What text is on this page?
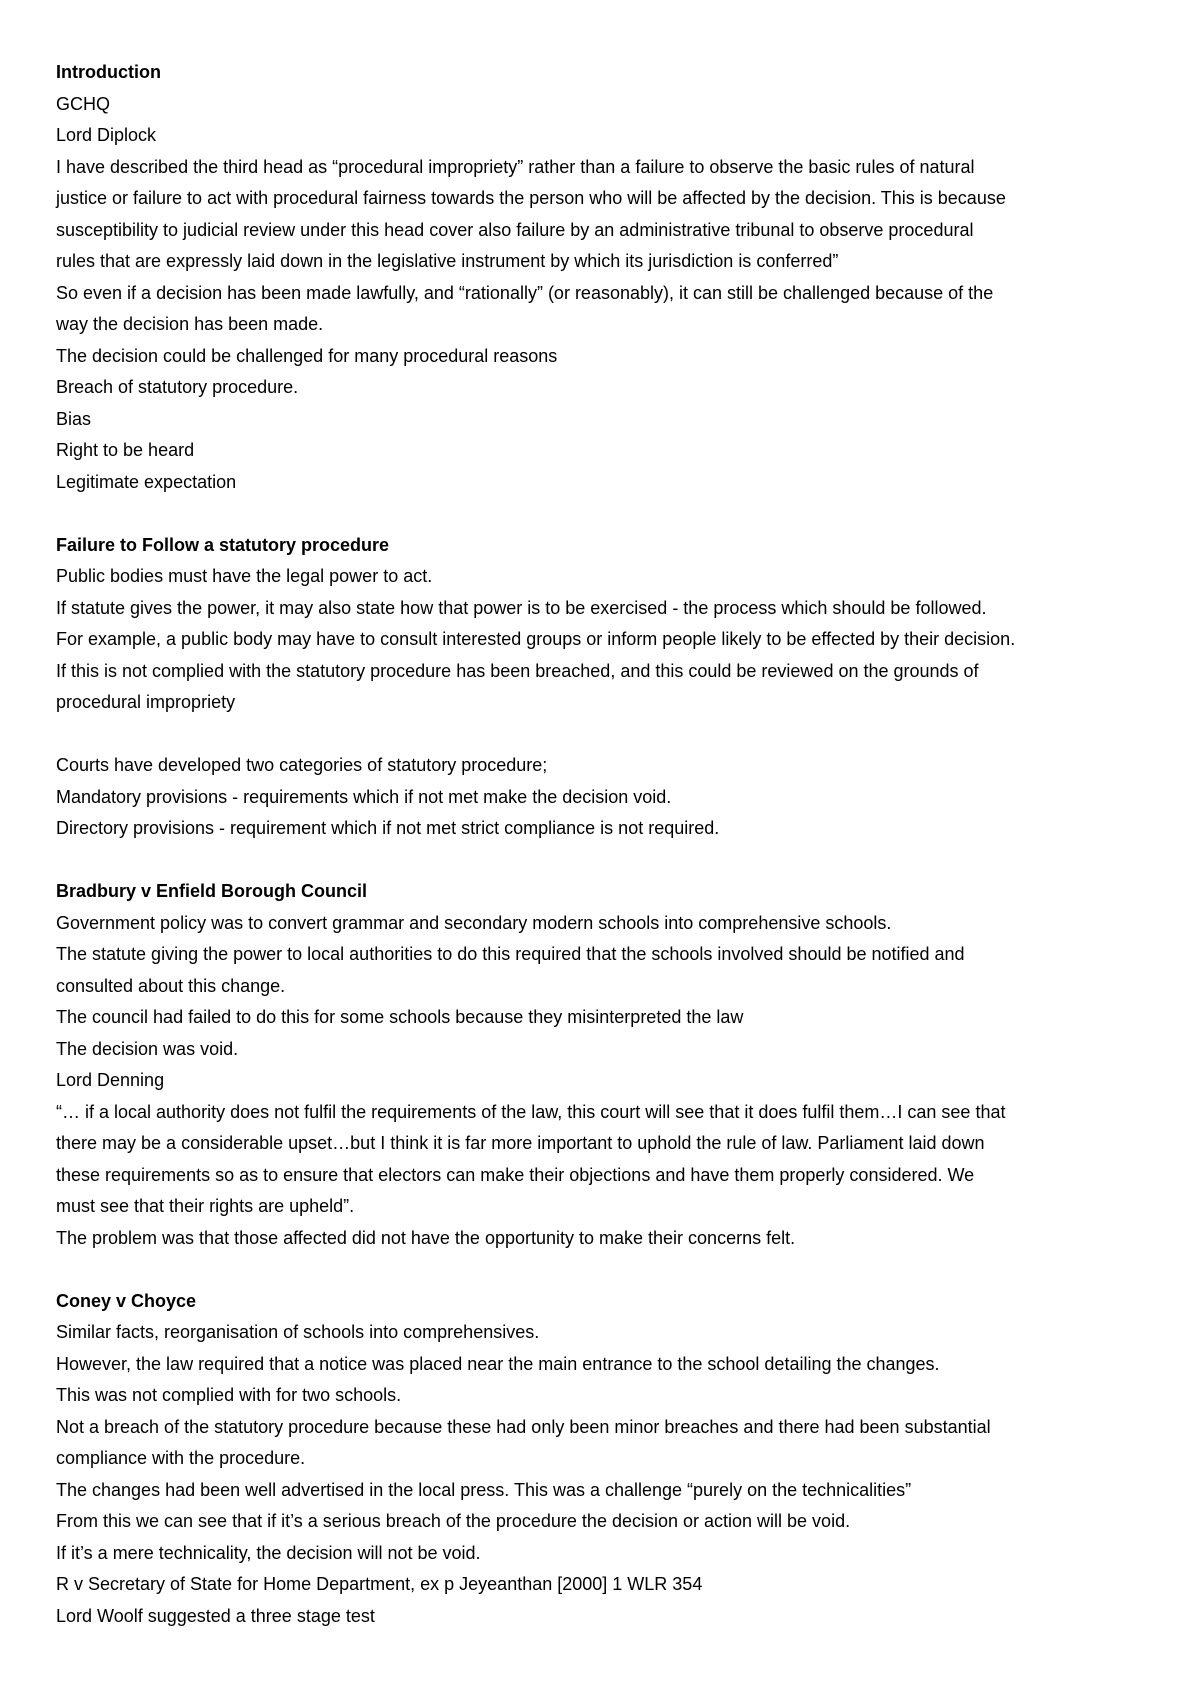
Introduction
GCHQ
Lord Diplock
I have described the third head as “procedural impropriety” rather than a failure to observe the basic rules of natural
justice or failure to act with procedural fairness towards the person who will be affected by the decision. This is because
susceptibility to judicial review under this head cover also failure by an administrative tribunal to observe procedural
rules that are expressly laid down in the legislative instrument by which its jurisdiction is conferred”
So even if a decision has been made lawfully, and “rationally” (or reasonably), it can still be challenged because of the
way the decision has been made.
The decision could be challenged for many procedural reasons
Breach of statutory procedure.
Bias
Right to be heard
Legitimate expectation
Failure to Follow a statutory procedure
Public bodies must have the legal power to act.
If statute gives the power, it may also state how that power is to be exercised - the process which should be followed.
For example, a public body may have to consult interested groups or inform people likely to be effected by their decision.
If this is not complied with the statutory procedure has been breached, and this could be reviewed on the grounds of
procedural impropriety
Courts have developed two categories of statutory procedure;
Mandatory provisions - requirements which if not met make the decision void.
Directory provisions - requirement which if not met strict compliance is not required.
Bradbury v Enfield Borough Council
Government policy was to convert grammar and secondary modern schools into comprehensive schools.
The statute giving the power to local authorities to do this required that the schools involved should be notified and
consulted about this change.
The council had failed to do this for some schools because they misinterpreted the law
The decision was void.
Lord Denning
“… if a local authority does not fulfil the requirements of the law, this court will see that it does fulfil them…I can see that
there may be a considerable upset…but I think it is far more important to uphold the rule of law. Parliament laid down
these requirements so as to ensure that electors can make their objections and have them properly considered. We
must see that their rights are upheld”.
The problem was that those affected did not have the opportunity to make their concerns felt.
Coney v Choyce
Similar facts, reorganisation of schools into comprehensives.
However, the law required that a notice was placed near the main entrance to the school detailing the changes.
This was not complied with for two schools.
Not a breach of the statutory procedure because these had only been minor breaches and there had been substantial
compliance with the procedure.
The changes had been well advertised in the local press. This was a challenge “purely on the technicalities”
From this we can see that if it’s a serious breach of the procedure the decision or action will be void.
If it’s a mere technicality, the decision will not be void.
R v Secretary of State for Home Department, ex p Jeyeanthan [2000] 1 WLR 354
Lord Woolf suggested a three stage test
